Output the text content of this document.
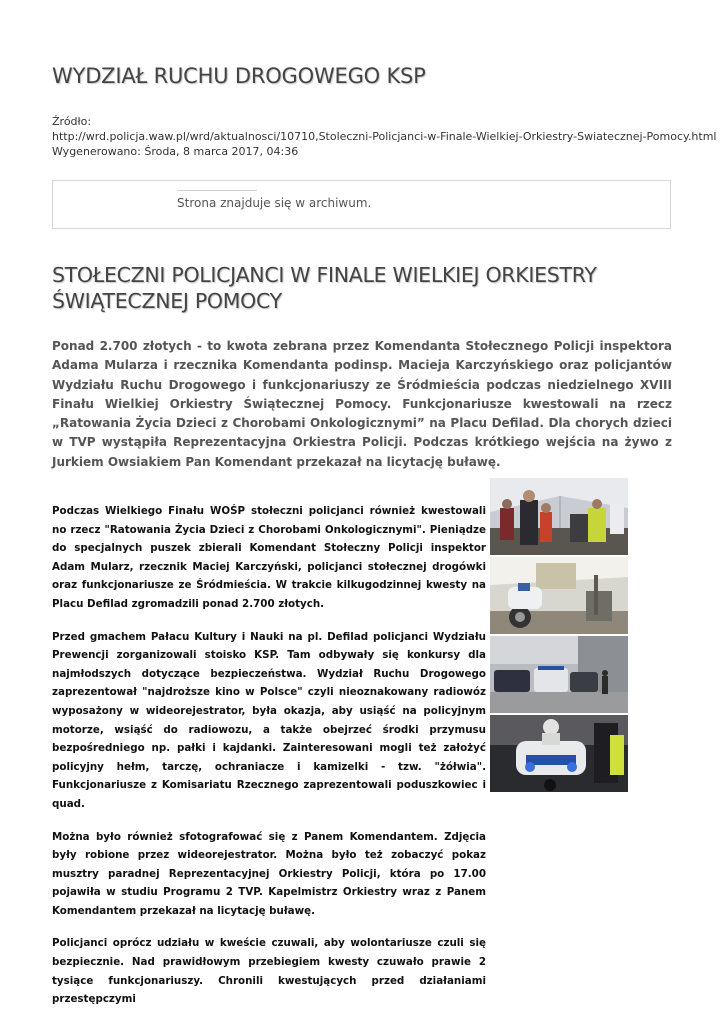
WYDZIAŁ RUCHU DROGOWEGO KSP
Źródło:
http://wrd.policja.waw.pl/wrd/aktualnosci/10710,Stoleczni-Policjanci-w-Finale-Wielkiej-Orkiestry-Swiatecznej-Pomocy.html
Wygenerowano: Środa, 8 marca 2017, 04:36
Strona znajduje się w archiwum.
STOŁECZNI POLICJANCI W FINALE WIELKIEJ ORKIESTRY ŚWIĄTECZNEJ POMOCY

Ponad 2.700 złotych - to kwota zebrana przez Komendanta Stołecznego Policji inspektora Adama Mularza i rzecznika Komendanta podinsp. Macieja Karczyńskiego oraz policjantów Wydziału Ruchu Drogowego i funkcjonariuszy ze Śródmieścia podczas niedzielnego XVIII Finału Wielkiej Orkiestry Świątecznej Pomocy. Funkcjonariusze kwestowali na rzecz „Ratowania Życia Dzieci z Chorobami Onkologicznymi” na Placu Defilad. Dla chorych dzieci w TVP wystąpiła Reprezentacyjna Orkiestra Policji. Podczas krótkiego wejścia na żywo z Jurkiem Owsiakiem Pan Komendant przekazał na licytację buławę.

Podczas Wielkiego Finału WOŚP stołeczni policjanci również kwestowali no rzecz "Ratowania Życia Dzieci z Chorobami Onkologicznymi". Pieniądze do specjalnych puszek zbierali Komendant Stołeczny Policji inspektor Adam Mularz, rzecznik Maciej Karczyński, policjanci stołecznej drogówki oraz funkcjonariusze ze Śródmieścia. W trakcie kilkugodzinnej kwesty na Placu Defilad zgromadzili ponad 2.700 złotych.

Przed gmachem Pałacu Kultury i Nauki na pl. Defilad policjanci Wydziału Prewencji zorganizowali stoisko KSP. Tam odbywały się konkursy dla najmłodszych dotyczące bezpieczeństwa. Wydział Ruchu Drogowego zaprezentował "najdroższe kino w Polsce" czyli nieoznakowany radiowóz wyposażony w wideorejestrator, była okazja, aby usiąść na policyjnym motorze, wsiąść do radiowozu, a także obejrzeć środki przymusu bezpośredniego np. pałki i kajdanki. Zainteresowani mogli też założyć policyjny hełm, tarczę, ochraniacze i kamizelki - tzw. "żółwia". Funkcjonariusze z Komisariatu Rzecznego zaprezentowali poduszkowiec i quad.

Można było również sfotografować się z Panem Komendantem. Zdjęcia były robione przez wideorejestrator. Można było też zobaczyć pokaz musztry paradnej Reprezentacyjnej Orkiestry Policji, która po 17.00 pojawiła w studiu Programu 2 TVP. Kapelmistrz Orkiestry wraz z Panem Komendantem przekazał na licytację buławę.

Policjanci oprócz udziału w kweście czuwali, aby wolontariusze czuli się bezpiecznie. Nad prawidłowym przebiegiem kwesty czuwało prawie 2 tysiące funkcjonariuszy. Chronili kwestujących przed działaniami przestępczymi
